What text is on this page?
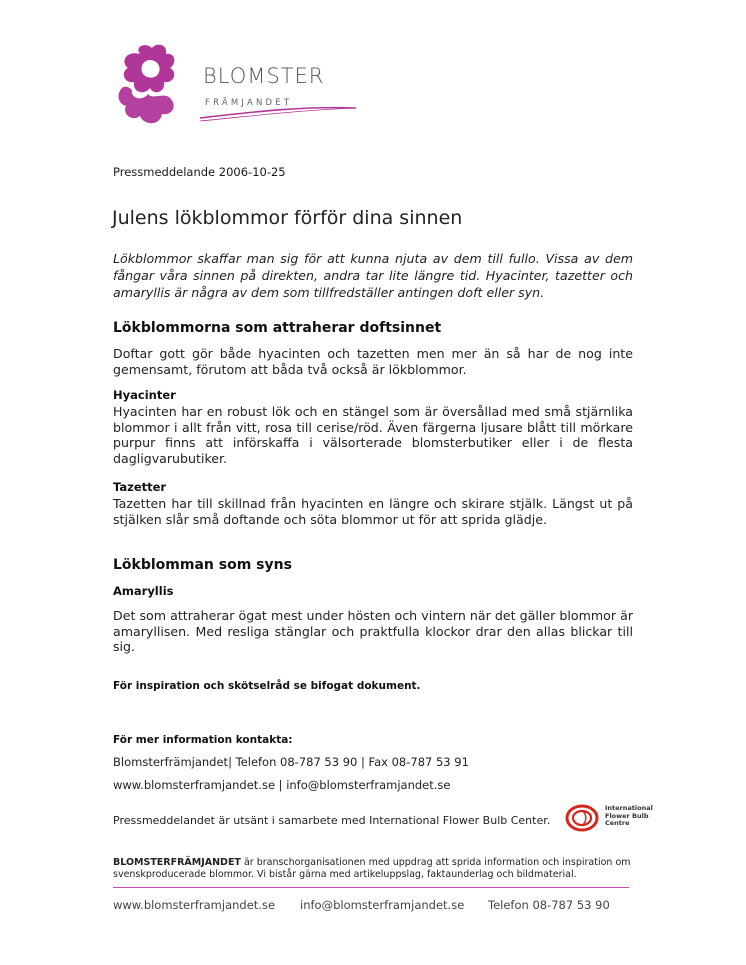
BLOMSTER
FRÄMJANDET
Pressmeddelande 2006-10-25
Julens lökblommor förför dina sinnen
Lökblommor skaffar man sig för att kunna njuta av dem till fullo. Vissa av dem fångar våra sinnen på direkten, andra tar lite längre tid. Hyacinter, tazetter och amaryllis är några av dem som tillfredställer antingen doft eller syn.
Lökblommorna som attraherar doftsinnet
Doftar gott gör både hyacinten och tazetten men mer än så har de nog inte gemensamt, förutom att båda två också är lökblommor.
Hyacinter
Hyacinten har en robust lök och en stängel som är översållad med små stjärnlika blommor i allt från vitt, rosa till cerise/röd. Även färgerna ljusare blått till mörkare purpur finns att införskaffa i välsorterade blomsterbutiker eller i de flesta dagligvarubutiker.
Tazetter
Tazetten har till skillnad från hyacinten en längre och skirare stjälk. Längst ut på stjälken slår små doftande och söta blommor ut för att sprida glädje.
Lökblomman som syns
Amaryllis
Det som attraherar ögat mest under hösten och vintern när det gäller blommor är amaryllisen. Med resliga stänglar och praktfulla klockor drar den allas blickar till sig.
För inspiration och skötselråd se bifogat dokument.
För mer information kontakta:
Blomsterfrämjandet| Telefon 08-787 53 90 | Fax 08-787 53 91
www.blomsterframjandet.se | info@blomsterframjandet.se
Pressmeddelandet är utsänt i samarbete med International Flower Bulb Center.
International
Flower Bulb
Centre
BLOMSTERFRÄMJANDET är branschorganisationen med uppdrag att sprida information och inspiration om svenskproducerade blommor. Vi bistår gärna med artikeluppslag, faktaunderlag och bildmaterial.
www.blomsterframjandet.se info@blomsterframjandet.se Telefon 08-787 53 90
